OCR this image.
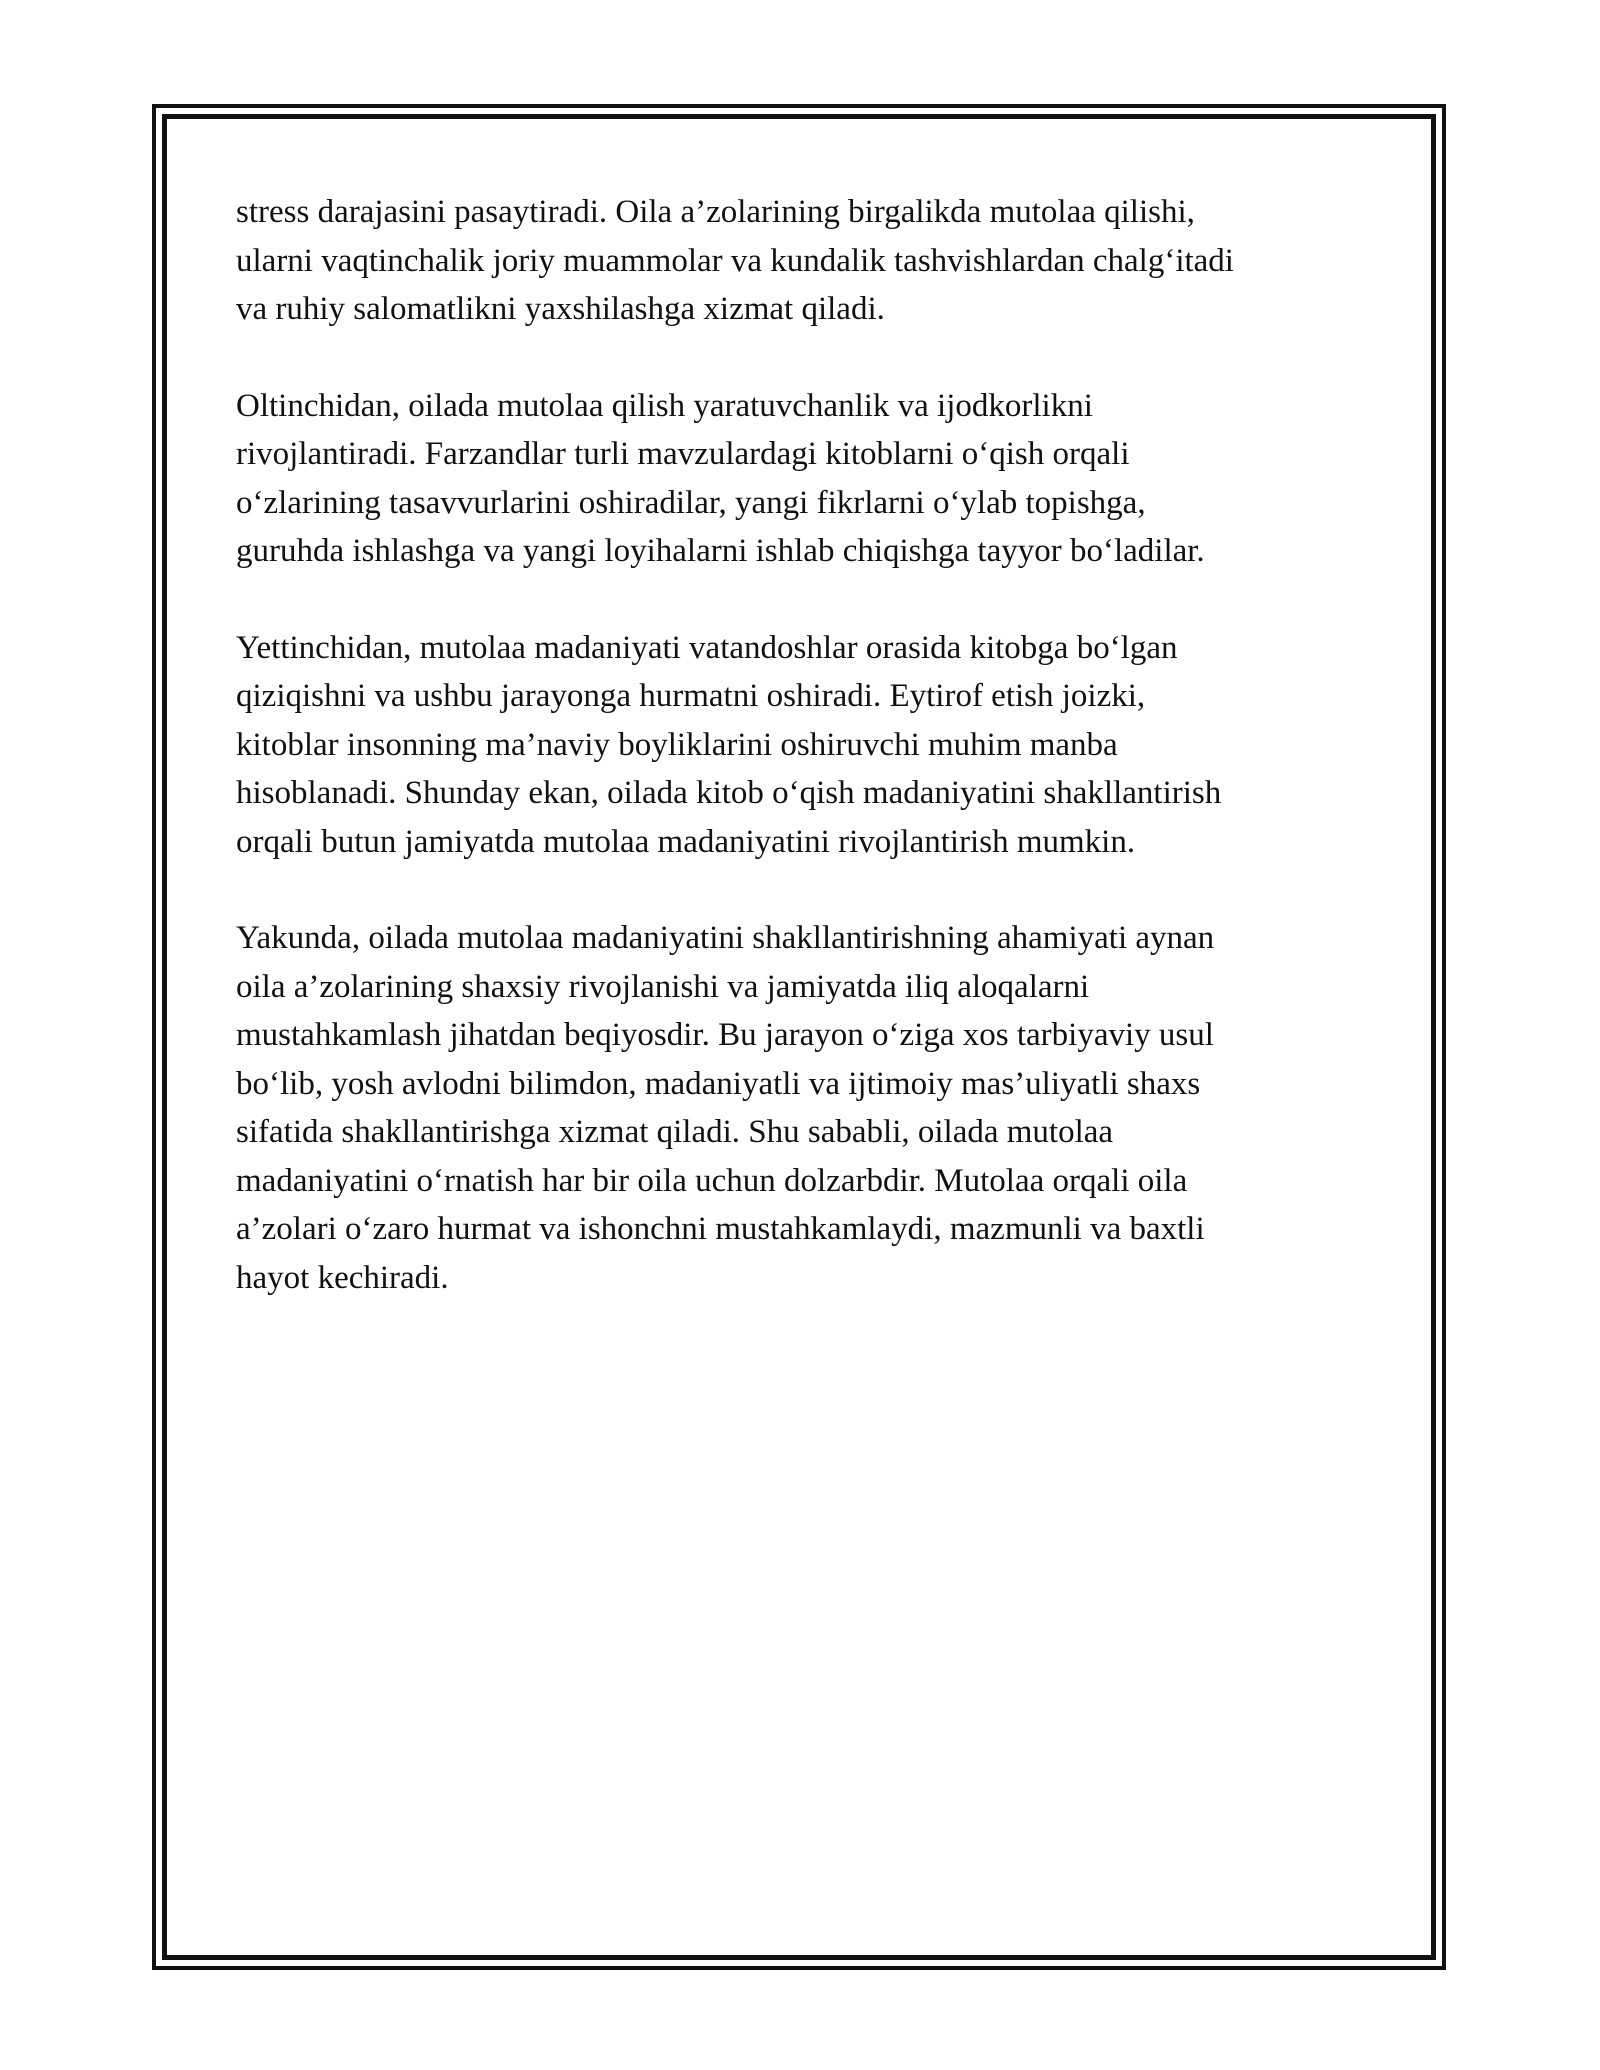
stress darajasini pasaytiradi. Oila a’zolarining birgalikda mutolaa qilishi,
ularni vaqtinchalik joriy muammolar va kundalik tashvishlardan chalg‘itadi
va ruhiy salomatlikni yaxshilashga xizmat qiladi.

Oltinchidan, oilada mutolaa qilish yaratuvchanlik va ijodkorlikni
rivojlantiradi. Farzandlar turli mavzulardagi kitoblarni o‘qish orqali
o‘zlarining tasavvurlarini oshiradilar, yangi fikrlarni o‘ylab topishga,
guruhda ishlashga va yangi loyihalarni ishlab chiqishga tayyor bo‘ladilar.

Yettinchidan, mutolaa madaniyati vatandoshlar orasida kitobga bo‘lgan
qiziqishni va ushbu jarayonga hurmatni oshiradi. Eytirof etish joizki,
kitoblar insonning ma’naviy boyliklarini oshiruvchi muhim manba
hisoblanadi. Shunday ekan, oilada kitob o‘qish madaniyatini shakllantirish
orqali butun jamiyatda mutolaa madaniyatini rivojlantirish mumkin.

Yakunda, oilada mutolaa madaniyatini shakllantirishning ahamiyati aynan
oila a’zolarining shaxsiy rivojlanishi va jamiyatda iliq aloqalarni
mustahkamlash jihatdan beqiyosdir. Bu jarayon o‘ziga xos tarbiyaviy usul
bo‘lib, yosh avlodni bilimdon, madaniyatli va ijtimoiy mas’uliyatli shaxs
sifatida shakllantirishga xizmat qiladi. Shu sababli, oilada mutolaa
madaniyatini o‘rnatish har bir oila uchun dolzarbdir. Mutolaa orqali oila
a’zolari o‘zaro hurmat va ishonchni mustahkamlaydi, mazmunli va baxtli
hayot kechiradi.
